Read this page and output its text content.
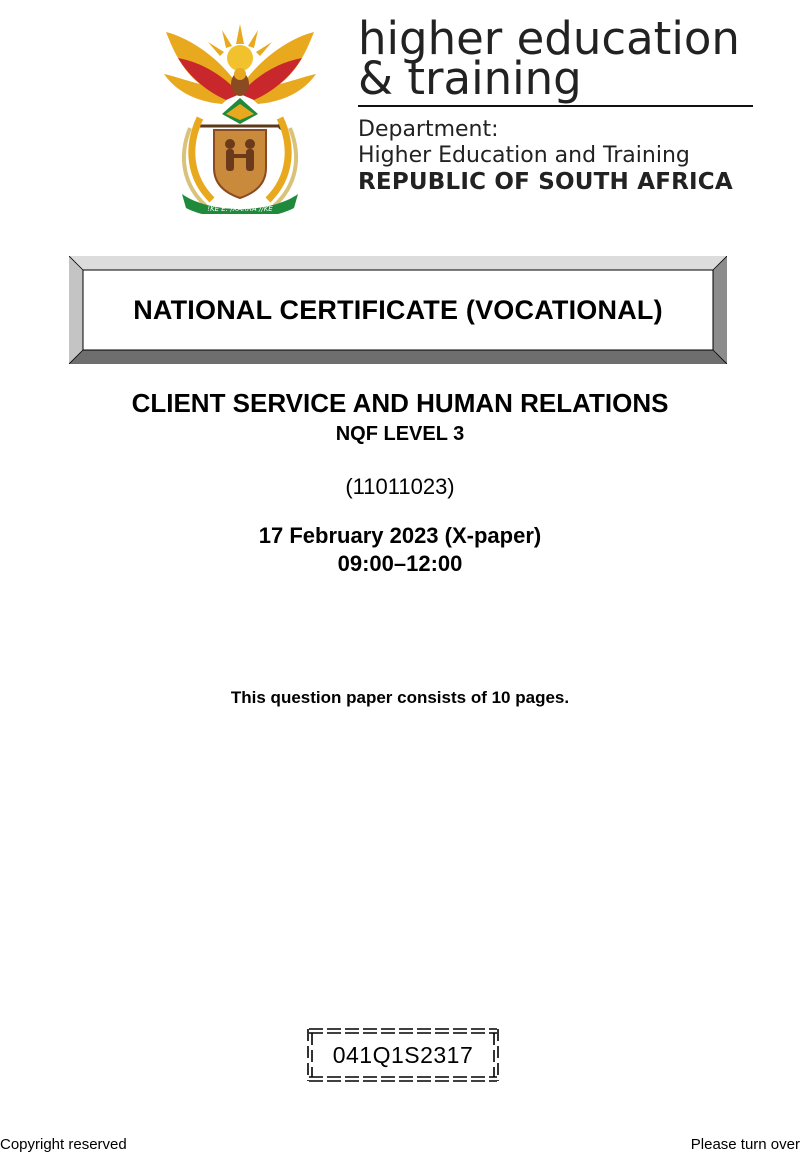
!KE E: /XARRA //KE
higher education
& training
Department:
Higher Education and Training
REPUBLIC OF SOUTH AFRICA
NATIONAL CERTIFICATE (VOCATIONAL)
CLIENT SERVICE AND HUMAN RELATIONS
NQF LEVEL 3
(11011023)
17 February 2023 (X-paper)
09:00–12:00
This question paper consists of 10 pages.
041Q1S2317
Copyright reserved	Please turn over
